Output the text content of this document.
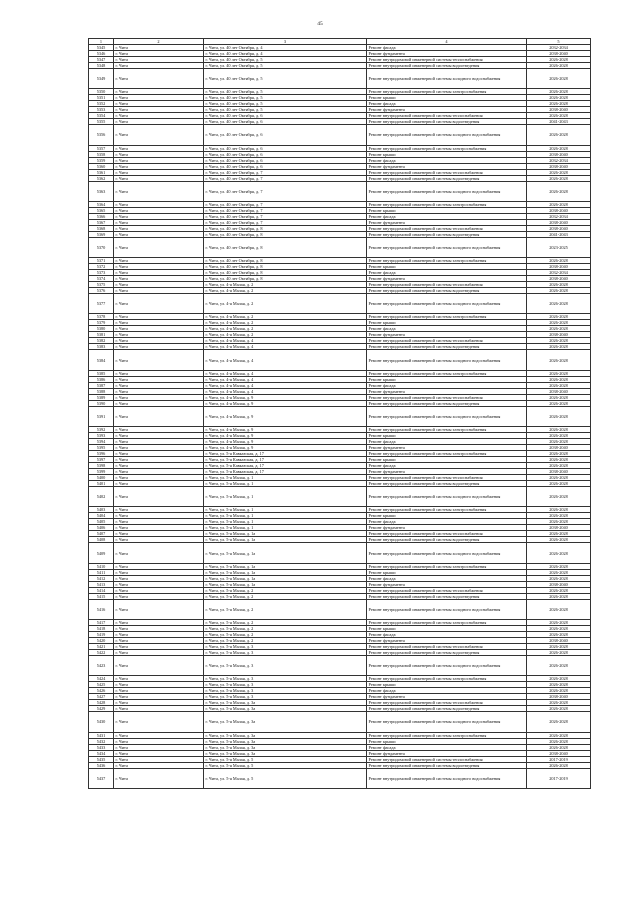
45
1	2	3	4	5
5345	г. Чита	г. Чита, ул. 40 лет Октября, д. 4	Ремонт фасада	2032-2034
5346	г. Чита	г. Чита, ул. 40 лет Октября, д. 4	Ремонт фундамента	2038-2040
5347	г. Чита	г. Чита, ул. 40 лет Октября, д. 5	Ремонт внутридомовой инженерной системы теплоснабжения	2026-2028
5348	г. Чита	г. Чита, ул. 40 лет Октября, д. 5	Ремонт внутридомовой инженерной системы водоотведения	2026-2028
5349	г. Чита	г. Чита, ул. 40 лет Октября, д. 5	Ремонт внутридомовой инженерной системы холодного водоснабжения	2026-2028
5350	г. Чита	г. Чита, ул. 40 лет Октября, д. 5	Ремонт внутридомовой инженерной системы электроснабжения	2026-2028
5351	г. Чита	г. Чита, ул. 40 лет Октября, д. 5	Ремонт крыши	2026-2028
5352	г. Чита	г. Чита, ул. 40 лет Октября, д. 5	Ремонт фасада	2026-2028
5353	г. Чита	г. Чита, ул. 40 лет Октября, д. 5	Ремонт фундамента	2038-2040
5354	г. Чита	г. Чита, ул. 40 лет Октября, д. 6	Ремонт внутридомовой инженерной системы теплоснабжения	2026-2028
5355	г. Чита	г. Чита, ул. 40 лет Октября, д. 6	Ремонт внутридомовой инженерной системы водоотведения	2041-2043
5356	г. Чита	г. Чита, ул. 40 лет Октября, д. 6	Ремонт внутридомовой инженерной системы холодного водоснабжения	2026-2028
5357	г. Чита	г. Чита, ул. 40 лет Октября, д. 6	Ремонт внутридомовой инженерной системы электроснабжения	2026-2028
5358	г. Чита	г. Чита, ул. 40 лет Октября, д. 6	Ремонт крыши	2038-2040
5359	г. Чита	г. Чита, ул. 40 лет Октября, д. 6	Ремонт фасада	2032-2034
5360	г. Чита	г. Чита, ул. 40 лет Октября, д. 6	Ремонт фундамента	2038-2040
5361	г. Чита	г. Чита, ул. 40 лет Октября, д. 7	Ремонт внутридомовой инженерной системы теплоснабжения	2026-2028
5362	г. Чита	г. Чита, ул. 40 лет Октября, д. 7	Ремонт внутридомовой инженерной системы водоотведения	2026-2028
5363	г. Чита	г. Чита, ул. 40 лет Октября, д. 7	Ремонт внутридомовой инженерной системы холодного водоснабжения	2026-2028
5364	г. Чита	г. Чита, ул. 40 лет Октября, д. 7	Ремонт внутридомовой инженерной системы электроснабжения	2026-2028
5365	г. Чита	г. Чита, ул. 40 лет Октября, д. 7	Ремонт крыши	2038-2040
5366	г. Чита	г. Чита, ул. 40 лет Октября, д. 7	Ремонт фасада	2032-2034
5367	г. Чита	г. Чита, ул. 40 лет Октября, д. 7	Ремонт фундамента	2038-2040
5368	г. Чита	г. Чита, ул. 40 лет Октября, д. 8	Ремонт внутридомовой инженерной системы теплоснабжения	2038-2040
5369	г. Чита	г. Чита, ул. 40 лет Октября, д. 8	Ремонт внутридомовой инженерной системы водоотведения	2041-2043
5370	г. Чита	г. Чита, ул. 40 лет Октября, д. 8	Ремонт внутридомовой инженерной системы холодного водоснабжения	2023-2025
5371	г. Чита	г. Чита, ул. 40 лет Октября, д. 8	Ремонт внутридомовой инженерной системы электроснабжения	2026-2028
5372	г. Чита	г. Чита, ул. 40 лет Октября, д. 8	Ремонт крыши	2038-2040
5373	г. Чита	г. Чита, ул. 40 лет Октября, д. 8	Ремонт фасада	2032-2034
5374	г. Чита	г. Чита, ул. 40 лет Октября, д. 8	Ремонт фундамента	2038-2040
5375	г. Чита	г. Чита, ул. 4-я Малая, д. 2	Ремонт внутридомовой инженерной системы теплоснабжения	2026-2028
5376	г. Чита	г. Чита, ул. 4-я Малая, д. 2	Ремонт внутридомовой инженерной системы водоотведения	2026-2028
5377	г. Чита	г. Чита, ул. 4-я Малая, д. 2	Ремонт внутридомовой инженерной системы холодного водоснабжения	2026-2028
5378	г. Чита	г. Чита, ул. 4-я Малая, д. 2	Ремонт внутридомовой инженерной системы электроснабжения	2026-2028
5379	г. Чита	г. Чита, ул. 4-я Малая, д. 2	Ремонт крыши	2026-2028
5380	г. Чита	г. Чита, ул. 4-я Малая, д. 2	Ремонт фасада	2026-2028
5381	г. Чита	г. Чита, ул. 4-я Малая, д. 2	Ремонт фундамента	2038-2040
5382	г. Чита	г. Чита, ул. 4-я Малая, д. 4	Ремонт внутридомовой инженерной системы теплоснабжения	2026-2028
5383	г. Чита	г. Чита, ул. 4-я Малая, д. 4	Ремонт внутридомовой инженерной системы водоотведения	2026-2028
5384	г. Чита	г. Чита, ул. 4-я Малая, д. 4	Ремонт внутридомовой инженерной системы холодного водоснабжения	2026-2028
5385	г. Чита	г. Чита, ул. 4-я Малая, д. 4	Ремонт внутридомовой инженерной системы электроснабжения	2026-2028
5386	г. Чита	г. Чита, ул. 4-я Малая, д. 4	Ремонт крыши	2026-2028
5387	г. Чита	г. Чита, ул. 4-я Малая, д. 4	Ремонт фасада	2026-2028
5388	г. Чита	г. Чита, ул. 4-я Малая, д. 4	Ремонт фундамента	2038-2040
5389	г. Чита	г. Чита, ул. 4-я Малая, д. 9	Ремонт внутридомовой инженерной системы теплоснабжения	2026-2028
5390	г. Чита	г. Чита, ул. 4-я Малая, д. 9	Ремонт внутридомовой инженерной системы водоотведения	2026-2028
5391	г. Чита	г. Чита, ул. 4-я Малая, д. 9	Ремонт внутридомовой инженерной системы холодного водоснабжения	2026-2028
5392	г. Чита	г. Чита, ул. 4-я Малая, д. 9	Ремонт внутридомовой инженерной системы электроснабжения	2026-2028
5393	г. Чита	г. Чита, ул. 4-я Малая, д. 9	Ремонт крыши	2026-2028
5394	г. Чита	г. Чита, ул. 4-я Малая, д. 9	Ремонт фасада	2026-2028
5395	г. Чита	г. Чита, ул. 4-я Малая, д. 9	Ремонт фундамента	2038-2040
5396	г. Чита	г. Чита, ул. 5-я Кавказская, д. 17	Ремонт внутридомовой инженерной системы электроснабжения	2026-2028
5397	г. Чита	г. Чита, ул. 5-я Кавказская, д. 17	Ремонт крыши	2026-2028
5398	г. Чита	г. Чита, ул. 5-я Кавказская, д. 17	Ремонт фасада	2026-2028
5399	г. Чита	г. Чита, ул. 5-я Кавказская, д. 17	Ремонт фундамента	2038-2040
5400	г. Чита	г. Чита, ул. 5-я Малая, д. 1	Ремонт внутридомовой инженерной системы теплоснабжения	2026-2028
5401	г. Чита	г. Чита, ул. 5-я Малая, д. 1	Ремонт внутридомовой инженерной системы водоотведения	2026-2028
5402	г. Чита	г. Чита, ул. 5-я Малая, д. 1	Ремонт внутридомовой инженерной системы холодного водоснабжения	2026-2028
5403	г. Чита	г. Чита, ул. 5-я Малая, д. 1	Ремонт внутридомовой инженерной системы электроснабжения	2026-2028
5404	г. Чита	г. Чита, ул. 5-я Малая, д. 1	Ремонт крыши	2026-2028
5405	г. Чита	г. Чита, ул. 5-я Малая, д. 1	Ремонт фасада	2026-2028
5406	г. Чита	г. Чита, ул. 5-я Малая, д. 1	Ремонт фундамента	2038-2040
5407	г. Чита	г. Чита, ул. 5-я Малая, д. 1а	Ремонт внутридомовой инженерной системы теплоснабжения	2026-2028
5408	г. Чита	г. Чита, ул. 5-я Малая, д. 1а	Ремонт внутридомовой инженерной системы водоотведения	2026-2028
5409	г. Чита	г. Чита, ул. 5-я Малая, д. 1а	Ремонт внутридомовой инженерной системы холодного водоснабжения	2026-2028
5410	г. Чита	г. Чита, ул. 5-я Малая, д. 1а	Ремонт внутридомовой инженерной системы электроснабжения	2026-2028
5411	г. Чита	г. Чита, ул. 5-я Малая, д. 1а	Ремонт крыши	2026-2028
5412	г. Чита	г. Чита, ул. 5-я Малая, д. 1а	Ремонт фасада	2026-2028
5413	г. Чита	г. Чита, ул. 5-я Малая, д. 1а	Ремонт фундамента	2038-2040
5414	г. Чита	г. Чита, ул. 5-я Малая, д. 2	Ремонт внутридомовой инженерной системы теплоснабжения	2026-2028
5415	г. Чита	г. Чита, ул. 5-я Малая, д. 2	Ремонт внутридомовой инженерной системы водоотведения	2026-2028
5416	г. Чита	г. Чита, ул. 5-я Малая, д. 2	Ремонт внутридомовой инженерной системы холодного водоснабжения	2026-2028
5417	г. Чита	г. Чита, ул. 5-я Малая, д. 2	Ремонт внутридомовой инженерной системы электроснабжения	2026-2028
5418	г. Чита	г. Чита, ул. 5-я Малая, д. 2	Ремонт крыши	2026-2028
5419	г. Чита	г. Чита, ул. 5-я Малая, д. 2	Ремонт фасада	2026-2028
5420	г. Чита	г. Чита, ул. 5-я Малая, д. 2	Ремонт фундамента	2038-2040
5421	г. Чита	г. Чита, ул. 5-я Малая, д. 3	Ремонт внутридомовой инженерной системы теплоснабжения	2026-2028
5422	г. Чита	г. Чита, ул. 5-я Малая, д. 3	Ремонт внутридомовой инженерной системы водоотведения	2026-2028
5423	г. Чита	г. Чита, ул. 5-я Малая, д. 3	Ремонт внутридомовой инженерной системы холодного водоснабжения	2026-2028
5424	г. Чита	г. Чита, ул. 5-я Малая, д. 3	Ремонт внутридомовой инженерной системы электроснабжения	2026-2028
5425	г. Чита	г. Чита, ул. 5-я Малая, д. 3	Ремонт крыши	2026-2028
5426	г. Чита	г. Чита, ул. 5-я Малая, д. 3	Ремонт фасада	2026-2028
5427	г. Чита	г. Чита, ул. 5-я Малая, д. 3	Ремонт фундамента	2038-2040
5428	г. Чита	г. Чита, ул. 5-я Малая, д. 3а	Ремонт внутридомовой инженерной системы теплоснабжения	2026-2028
5429	г. Чита	г. Чита, ул. 5-я Малая, д. 3а	Ремонт внутридомовой инженерной системы водоотведения	2026-2028
5430	г. Чита	г. Чита, ул. 5-я Малая, д. 3а	Ремонт внутридомовой инженерной системы холодного водоснабжения	2026-2028
5431	г. Чита	г. Чита, ул. 5-я Малая, д. 3а	Ремонт внутридомовой инженерной системы электроснабжения	2026-2028
5432	г. Чита	г. Чита, ул. 5-я Малая, д. 3а	Ремонт крыши	2026-2028
5433	г. Чита	г. Чита, ул. 5-я Малая, д. 3а	Ремонт фасада	2026-2028
5434	г. Чита	г. Чита, ул. 5-я Малая, д. 3а	Ремонт фундамента	2038-2040
5435	г. Чита	г. Чита, ул. 5-я Малая, д. 5	Ремонт внутридомовой инженерной системы теплоснабжения	2017-2019
5436	г. Чита	г. Чита, ул. 5-я Малая, д. 5	Ремонт внутридомовой инженерной системы водоотведения	2026-2028
5437	г. Чита	г. Чита, ул. 5-я Малая, д. 5	Ремонт внутридомовой инженерной системы холодного водоснабжения	2017-2019
